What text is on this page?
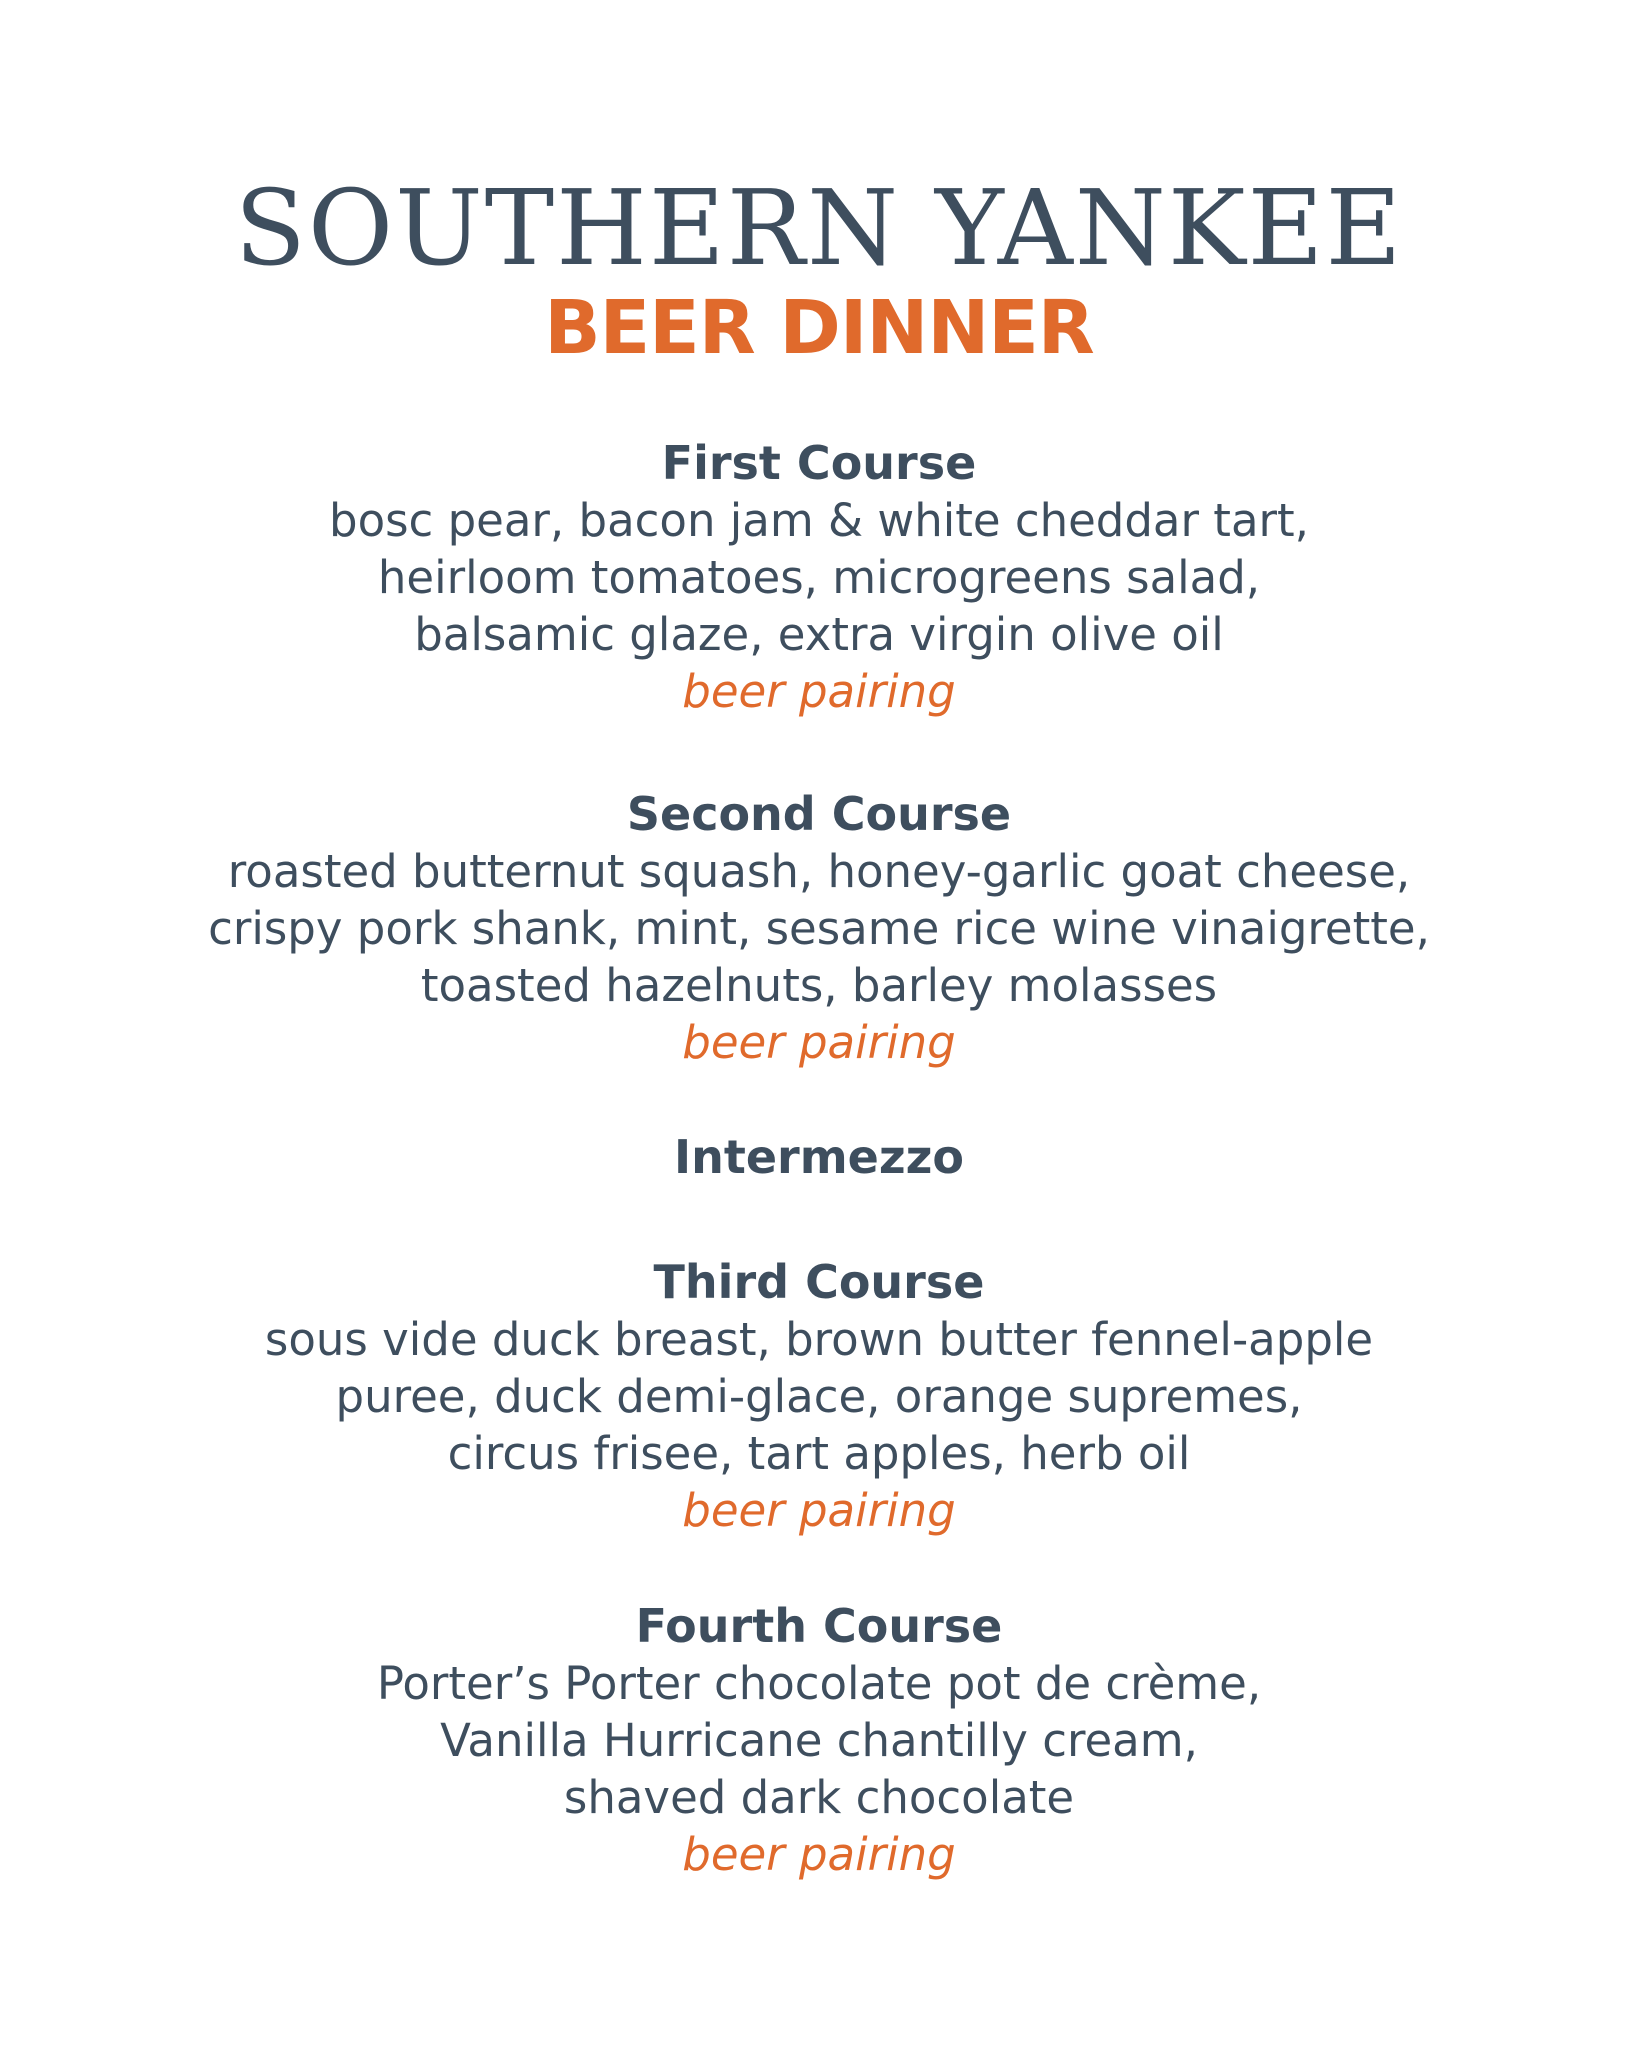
SOUTHERN YANKEE
BEER DINNER
First Course
bosc pear, bacon jam & white cheddar tart,
heirloom tomatoes, microgreens salad,
balsamic glaze, extra virgin olive oil
beer pairing
Second Course
roasted butternut squash, honey-garlic goat cheese,
crispy pork shank, mint, sesame rice wine vinaigrette,
toasted hazelnuts, barley molasses
beer pairing
Intermezzo
Third Course
sous vide duck breast, brown butter fennel-apple
puree, duck demi-glace, orange supremes,
circus frisee, tart apples, herb oil
beer pairing
Fourth Course
Porter’s Porter chocolate pot de crème,
Vanilla Hurricane chantilly cream,
shaved dark chocolate
beer pairing
